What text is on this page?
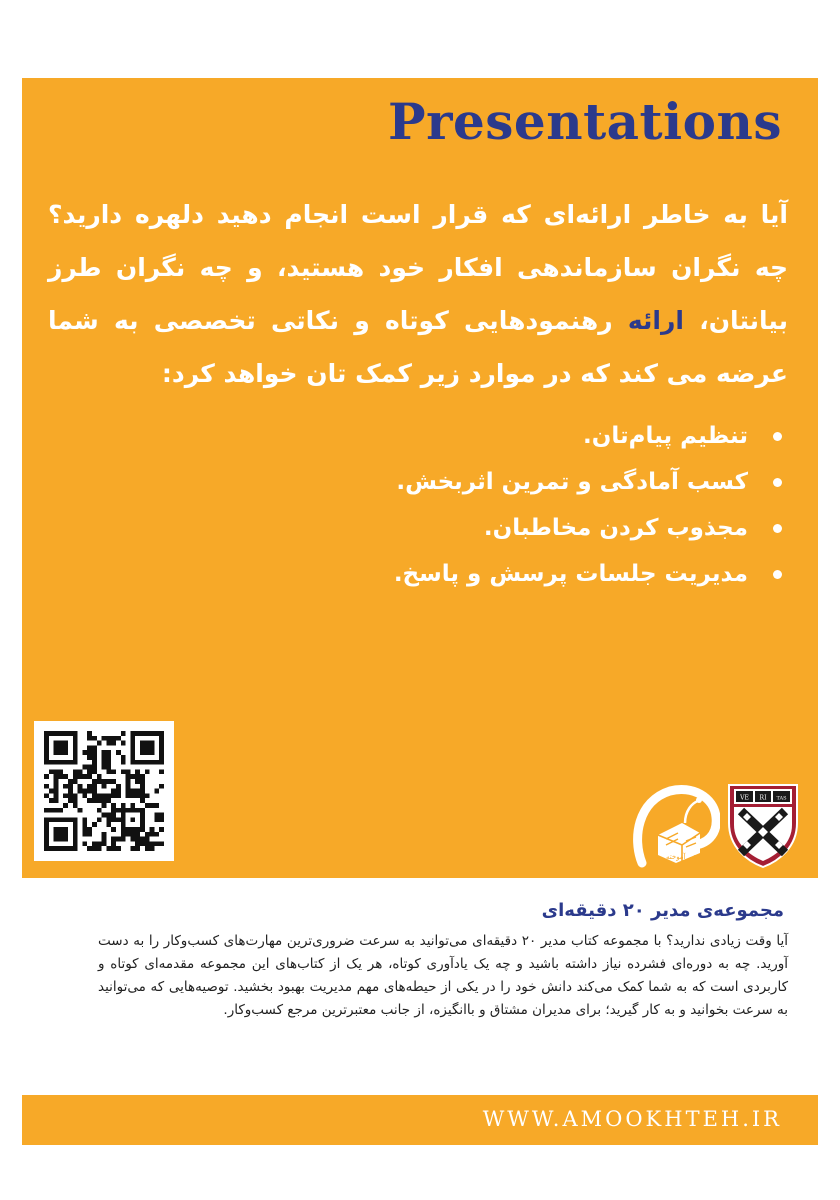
Presentations

آیا به خاطر ارائه‌ای که قرار است انجام دهید دلهره دارید؟ چه نگران سازماندهی افکار خود هستید، و چه نگران طرز بیانتان، ارائه رهنمودهایی کوتاه و نکاتی تخصصی به شما عرضه می کند که در موارد زیر کمک تان خواهد کرد:

تنظیم پیام‌تان.
کسب آمادگی و تمرین اثربخش.
مجذوب کردن مخاطبان.
مدیریت جلسات پرسش و پاسخ.
نشر آموخته
VE RI TAS
مجموعه‌ی مدیر ۲۰ دقیقه‌ای

آیا وقت زیادی ندارید؟ با مجموعه کتاب مدیر ۲۰ دقیقه‌ای می‌توانید به سرعت ضروری‌ترین مهارت‌های کسب‌وکار را به دست آورید. چه به دوره‌ای فشرده نیاز داشته باشید و چه یک یادآوری کوتاه، هر یک از کتاب‌های این مجموعه مقدمه‌ای کوتاه و کاربردی است که به شما کمک می‌کند دانش خود را در یکی از حیطه‌های مهم مدیریت بهبود بخشید. توصیه‌هایی که می‌توانید به سرعت بخوانید و به کار گیرید؛ برای مدیران مشتاق و باانگیزه، از جانب معتبرترین مرجع کسب‌وکار.

WWW.AMOOKHTEH.IR
